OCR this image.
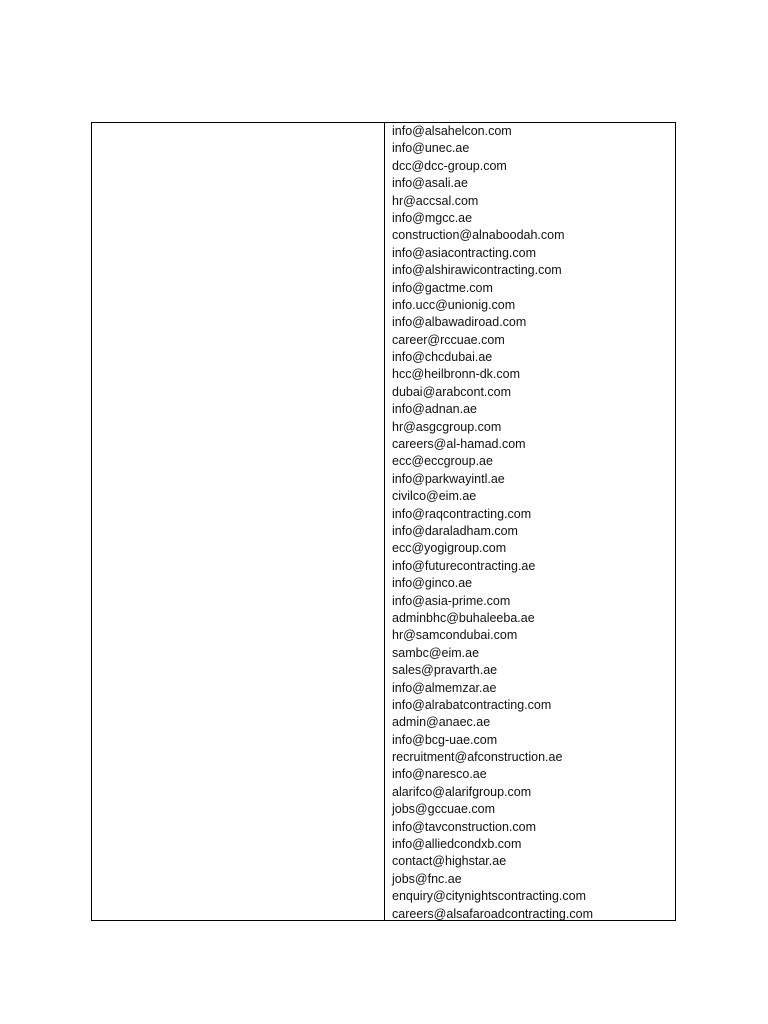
info@alsahelcon.com
info@unec.ae
dcc@dcc-group.com
info@asali.ae
hr@accsal.com
info@mgcc.ae
construction@alnaboodah.com
info@asiacontracting.com
info@alshirawicontracting.com
info@gactme.com
info.ucc@unionig.com
info@albawadiroad.com
career@rccuae.com
info@chcdubai.ae
hcc@heilbronn-dk.com
dubai@arabcont.com
info@adnan.ae
hr@asgcgroup.com
careers@al-hamad.com
ecc@eccgroup.ae
info@parkwayintl.ae
civilco@eim.ae
info@raqcontracting.com
info@daraladham.com
ecc@yogigroup.com
info@futurecontracting.ae
info@ginco.ae
info@asia-prime.com
adminbhc@buhaleeba.ae
hr@samcondubai.com
sambc@eim.ae
sales@pravarth.ae
info@almemzar.ae
info@alrabatcontracting.com
admin@anaec.ae
info@bcg-uae.com
recruitment@afconstruction.ae
info@naresco.ae
alarifco@alarifgroup.com
jobs@gccuae.com
info@tavconstruction.com
info@alliedcondxb.com
contact@highstar.ae
jobs@fnc.ae
enquiry@citynightscontracting.com
careers@alsafaroadcontracting.com
